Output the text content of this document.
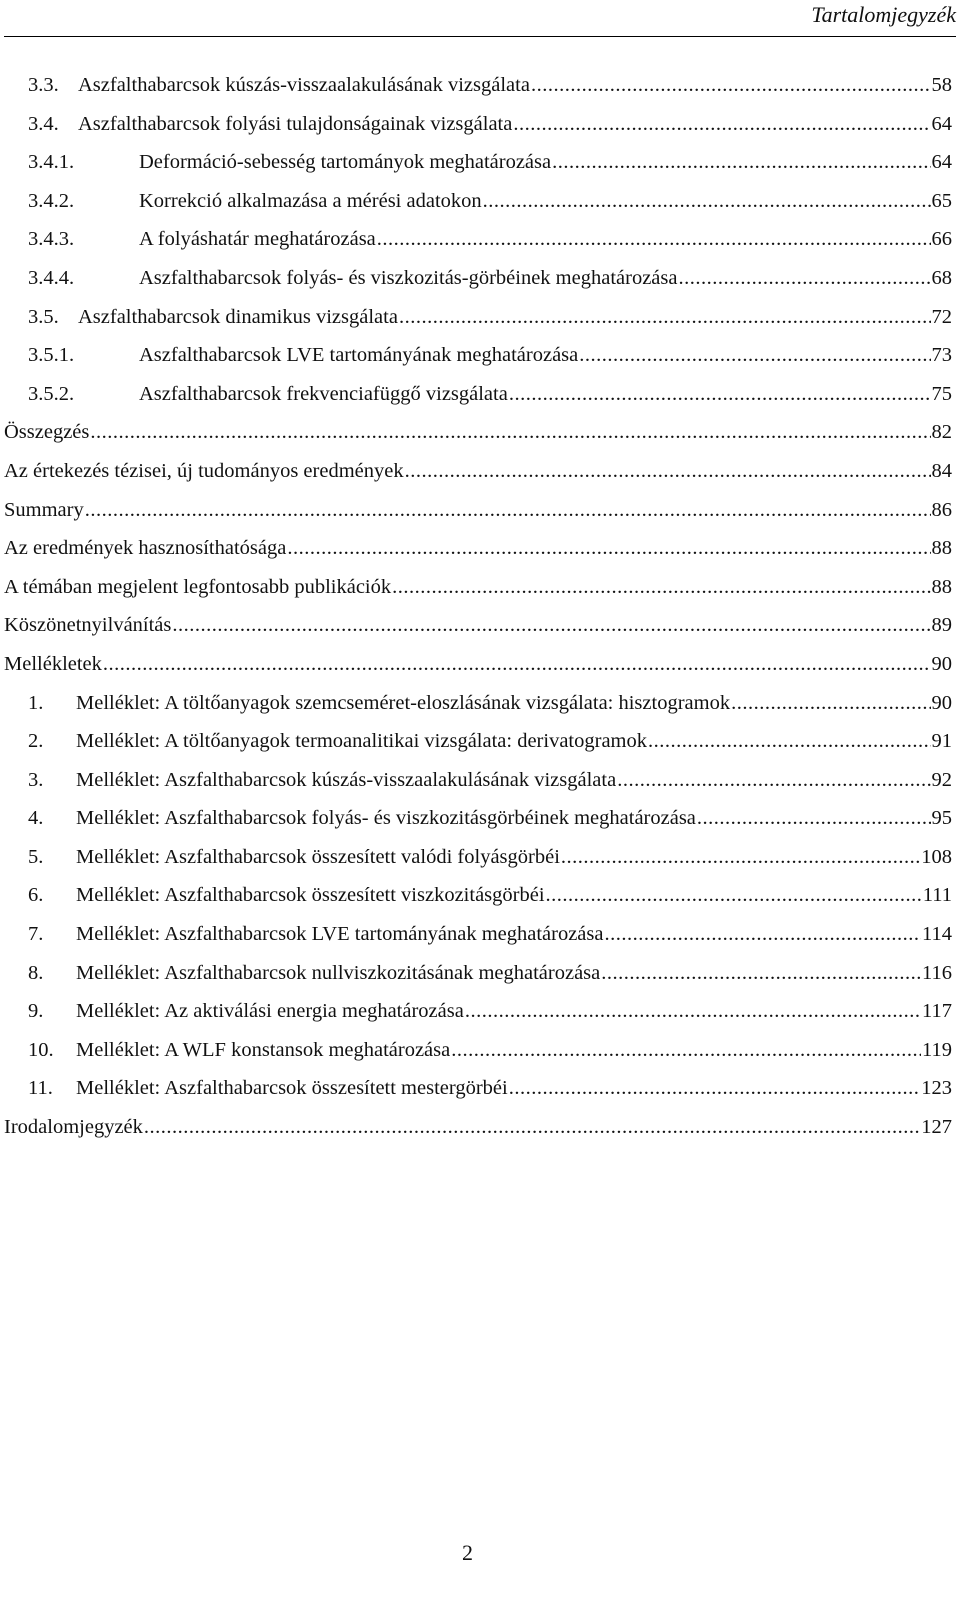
Tartalomjegyzék
3.3. Aszfalthabarcsok kúszás-visszaalakulásának vizsgálata .....	58
3.4. Aszfalthabarcsok folyási tulajdonságainak vizsgálata .....	64
3.4.1.	Deformáció-sebesség tartományok meghatározása .....	64
3.4.2.	Korrekció alkalmazása a mérési adatokon .....	65
3.4.3.	A folyáshatár meghatározása .....	66
3.4.4.	Aszfalthabarcsok folyás- és viszkozitás-görbéinek meghatározása .....	68
3.5. Aszfalthabarcsok dinamikus vizsgálata .....	72
3.5.1.	Aszfalthabarcsok LVE tartományának meghatározása .....	73
3.5.2.	Aszfalthabarcsok frekvenciafüggő vizsgálata .....	75
Összegzés .....	82
Az értekezés tézisei, új tudományos eredmények .....	84
Summary .....	86
Az eredmények hasznosíthatósága .....	88
A témában megjelent legfontosabb publikációk .....	88
Köszönetnyilvánítás .....	89
Mellékletek .....	90
1.	Melléklet: A töltőanyagok szemcseméret-eloszlásának vizsgálata: hisztogramok .....	90
2.	Melléklet: A töltőanyagok termoanalitikai vizsgálata: derivatogramok .....	91
3.	Melléklet: Aszfalthabarcsok kúszás-visszaalakulásának vizsgálata .....	92
4.	Melléklet: Aszfalthabarcsok folyás- és viszkozitásgörbéinek meghatározása .....	95
5.	Melléklet: Aszfalthabarcsok összesített valódi folyásgörbéi .....	108
6.	Melléklet: Aszfalthabarcsok összesített viszkozitásgörbéi .....	111
7.	Melléklet: Aszfalthabarcsok LVE tartományának meghatározása .....	114
8.	Melléklet: Aszfalthabarcsok nullviszkozitásának meghatározása .....	116
9.	Melléklet: Az aktiválási energia meghatározása .....	117
10.	Melléklet: A WLF konstansok meghatározása .....	119
11.	Melléklet: Aszfalthabarcsok összesített mestergörbéi .....	123
Irodalomjegyzék .....	127
2
